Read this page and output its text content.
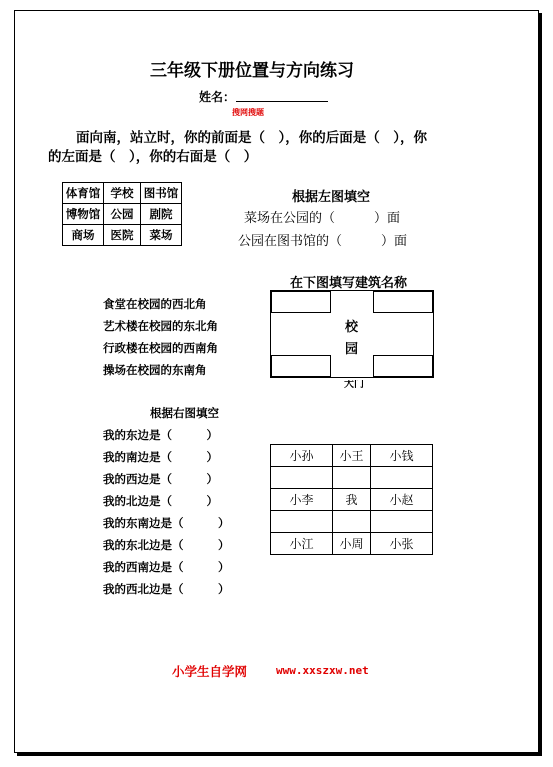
三年级下册位置与方向练习
姓名：
搜网搜题
面向南，站立时，你的前面是（　），你的后面是（　），你
的左面是（　），你的右面是（　）
体育馆	学校	图书馆
博物馆	公园	剧院
商场	医院	菜场
根据左图填空
菜场在公园的（　　　）面
公园在图书馆的（　　　）面
在下图填写建筑名称
食堂在校园的西北角
艺术楼在校园的东北角
行政楼在校园的西南角
操场在校园的东南角
校
园
大门
根据右图填空
我的东边是（　　　）
我的南边是（　　　）
我的西边是（　　　）
我的北边是（　　　）
我的东南边是（　　　）
我的东北边是（　　　）
我的西南边是（　　　）
我的西北边是（　　　）
小孙	小王	小钱

小李	我	小赵

小江	小周	小张
小学生自学网	www.xxszxw.net
